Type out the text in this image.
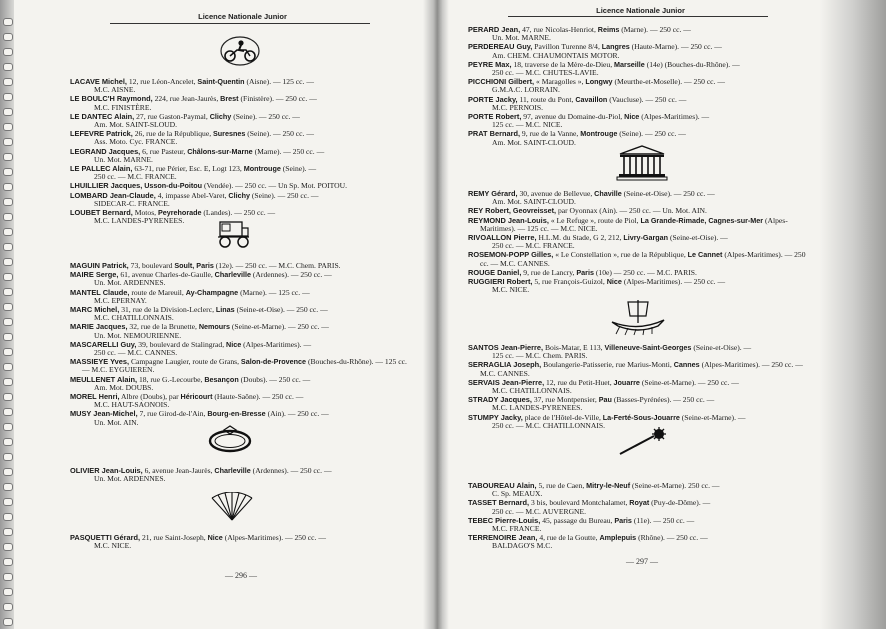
Licence Nationale Junior
LACAVE Michel, 12, rue Léon-Ancelet, Saint-Quentin (Aisne). — 125 cc. —
M.C. AISNE.
LE BOULC'H Raymond, 224, rue Jean-Jaurès, Brest (Finistère). — 250 cc. —
M.C. FINISTÈRE.
LE DANTEC Alain, 27, rue Gaston-Paymal, Clichy (Seine). — 250 cc. —
Am. Mot. SAINT-SLOUD.
LEFEVRE Patrick, 26, rue de la République, Suresnes (Seine). — 250 cc. —
Ass. Moto. Cyc. FRANCE.
LEGRAND Jacques, 6, rue Pasteur, Châlons-sur-Marne (Marne). — 250 cc. —
Un. Mot. MARNE.
LE PALLEC Alain, 63-71, rue Périer, Esc. E, Logt 123, Montrouge (Seine). —
250 cc. — M.C. FRANCE.
LHUILLIER Jacques, Usson-du-Poitou (Vendée). — 250 cc. — Un Sp. Mot. POITOU.
LOMBARD Jean-Claude, 4, impasse Abel-Varet, Clichy (Seine). — 250 cc. —
SIDECAR-C. FRANCE.
LOUBET Bernard, Motos, Peyrehorade (Landes). — 250 cc. —
M.C. LANDES-PYRENEES.
MAGUIN Patrick, 73, boulevard Soult, Paris (12e). — 250 cc. — M.C. Chem. PARIS.
MAIRE Serge, 61, avenue Charles-de-Gaulle, Charleville (Ardennes). — 250 cc. —
Un. Mot. ARDENNES.
MANTEL Claude, route de Mareuil, Ay-Champagne (Marne). — 125 cc. —
M.C. EPERNAY.
MARC Michel, 31, rue de la Division-Leclerc, Linas (Seine-et-Oise). — 250 cc. —
M.C. CHATILLONNAIS.
MARIE Jacques, 32, rue de la Brunette, Nemours (Seine-et-Marne). — 250 cc. —
Un. Mot. NEMOURIENNE.
MASCARELLI Guy, 39, boulevard de Stalingrad, Nice (Alpes-Maritimes). —
250 cc. — M.C. CANNES.
MASSIEYE Yves, Campagne Laugier, route de Grans, Salon-de-Provence (Bouches-du-Rhône). — 125 cc. — M.C. EYGUIEREN.
MEULLENET Alain, 18, rue G.-Lecourbe, Besançon (Doubs). — 250 cc. —
Am. Mot. DOUBS.
MOREL Henri, Albre (Doubs), par Héricourt (Haute-Saône). — 250 cc. —
M.C. HAUT-SAONOIS.
MUSY Jean-Michel, 7, rue Girod-de-l'Ain, Bourg-en-Bresse (Ain). — 250 cc. —
Un. Mot. AIN.
OLIVIER Jean-Louis, 6, avenue Jean-Jaurès, Charleville (Ardennes). — 250 cc. —
Un. Mot. ARDENNES.
PASQUETTI Gérard, 21, rue Saint-Joseph, Nice (Alpes-Maritimes). — 250 cc. —
M.C. NICE.
— 296 —
Licence Nationale Junior
PERARD Jean, 47, rue Nicolas-Henriot, Reims (Marne). — 250 cc. —
Un. Mot. MARNE.
PERDEREAU Guy, Pavillon Turenne 8/4, Langres (Haute-Marne). — 250 cc. —
Am. CHEM. CHAUMONTAIS MOTOR.
PEYRE Max, 18, traverse de la Mère-de-Dieu, Marseille (14e) (Bouches-du-Rhône). —
250 cc. — M.C. CHUTES-LAVIE.
PICCHIONI Gilbert, « Maragolles », Longwy (Meurthe-et-Moselle). — 250 cc. —
G.M.A.C. LORRAIN.
PORTE Jacky, 11, route du Pont, Cavaillon (Vaucluse). — 250 cc. —
M.C. PERNOIS.
PORTE Robert, 97, avenue du Domaine-du-Piol, Nice (Alpes-Maritimes). —
125 cc. — M.C. NICE.
PRAT Bernard, 9, rue de la Vanne, Montrouge (Seine). — 250 cc. —
Am. Mot. SAINT-CLOUD.
REMY Gérard, 30, avenue de Bellevue, Chaville (Seine-et-Oise). — 250 cc. —
Am. Mot. SAINT-CLOUD.
REY Robert, Geovreisset, par Oyonnax (Ain). — 250 cc. — Un. Mot. AIN.
REYMOND Jean-Louis, « Le Refuge », route de Piol, La Grande-Rimade, Cagnes-sur-Mer (Alpes-Maritimes). — 125 cc. — M.C. NICE.
RIVOALLON Pierre, H.L.M. du Stade, G 2, 212, Livry-Gargan (Seine-et-Oise). —
250 cc. — M.C. FRANCE.
ROSEMON-POPP Gilles, « Le Constellation », rue de la République, Le Cannet (Alpes-Maritimes). — 250 cc. — M.C. CANNES.
ROUGE Daniel, 9, rue de Lancry, Paris (10e) — 250 cc. — M.C. PARIS.
RUGGIERI Robert, 5, rue François-Guizol, Nice (Alpes-Maritimes). — 250 cc. —
M.C. NICE.
SANTOS Jean-Pierre, Bois-Matar, E 113, Villeneuve-Saint-Georges (Seine-et-Oise). —
125 cc. — M.C. Chem. PARIS.
SERRAGLIA Joseph, Boulangerie-Patisserie, rue Marius-Monti, Cannes (Alpes-Maritimes). — 250 cc. — M.C. CANNES.
SERVAIS Jean-Pierre, 12, rue du Petit-Huet, Jouarre (Seine-et-Marne). — 250 cc. —
M.C. CHATILLONNAIS.
STRADY Jacques, 37, rue Montpensier, Pau (Basses-Pyrénées). — 250 cc. —
M.C. LANDES-PYRENEES.
STUMPY Jacky, place de l'Hôtel-de-Ville, La-Ferté-Sous-Jouarre (Seine-et-Marne). —
250 cc. — M.C. CHATILLONNAIS.
TABOUREAU Alain, 5, rue de Caen, Mitry-le-Neuf (Seine-et-Marne). 250 cc. —
C. Sp. MEAUX.
TASSET Bernard, 3 bis, boulevard Montchalamet, Royat (Puy-de-Dôme). —
250 cc. — M.C. AUVERGNE.
TEBEC Pierre-Louis, 45, passage du Bureau, Paris (11e). — 250 cc. —
M.C. FRANCE.
TERRENOIRE Jean, 4, rue de la Goutte, Amplepuis (Rhône). — 250 cc. —
BALDAGO'S M.C.
— 297 —
